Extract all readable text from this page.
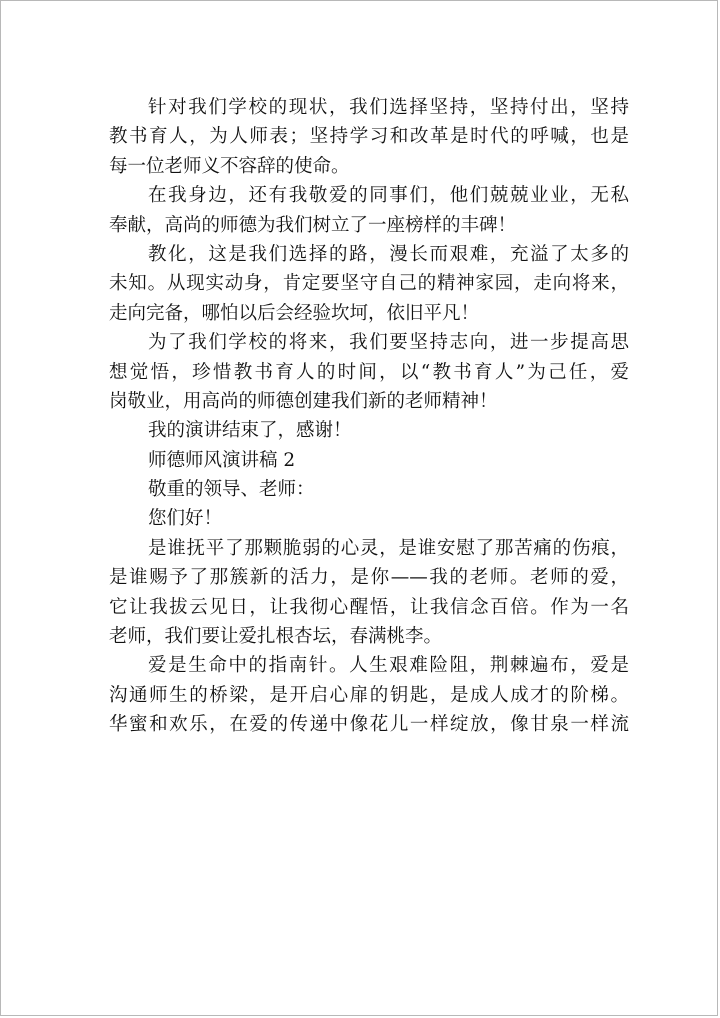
针对我们学校的现状，我们选择坚持，坚持付出，坚持
教书育人，为人师表；坚持学习和改革是时代的呼喊，也是
每一位老师义不容辞的使命。
在我身边，还有我敬爱的同事们，他们兢兢业业，无私
奉献，高尚的师德为我们树立了一座榜样的丰碑！
教化，这是我们选择的路，漫长而艰难，充溢了太多的
未知。从现实动身，肯定要坚守自己的精神家园，走向将来，
走向完备，哪怕以后会经验坎坷，依旧平凡！
为了我们学校的将来，我们要坚持志向，进一步提高思
想觉悟，珍惜教书育人的时间，以“教书育人”为己任，爱
岗敬业，用高尚的师德创建我们新的老师精神！
我的演讲结束了，感谢！
师德师风演讲稿 2
敬重的领导、老师：
您们好！
是谁抚平了那颗脆弱的心灵，是谁安慰了那苦痛的伤痕，
是谁赐予了那簇新的活力，是你——我的老师。老师的爱，
它让我拔云见日，让我彻心醒悟，让我信念百倍。作为一名
老师，我们要让爱扎根杏坛，春满桃李。
爱是生命中的指南针。人生艰难险阻，荆棘遍布，爱是
沟通师生的桥梁，是开启心扉的钥匙，是成人成才的阶梯。
华蜜和欢乐，在爱的传递中像花儿一样绽放，像甘泉一样流
